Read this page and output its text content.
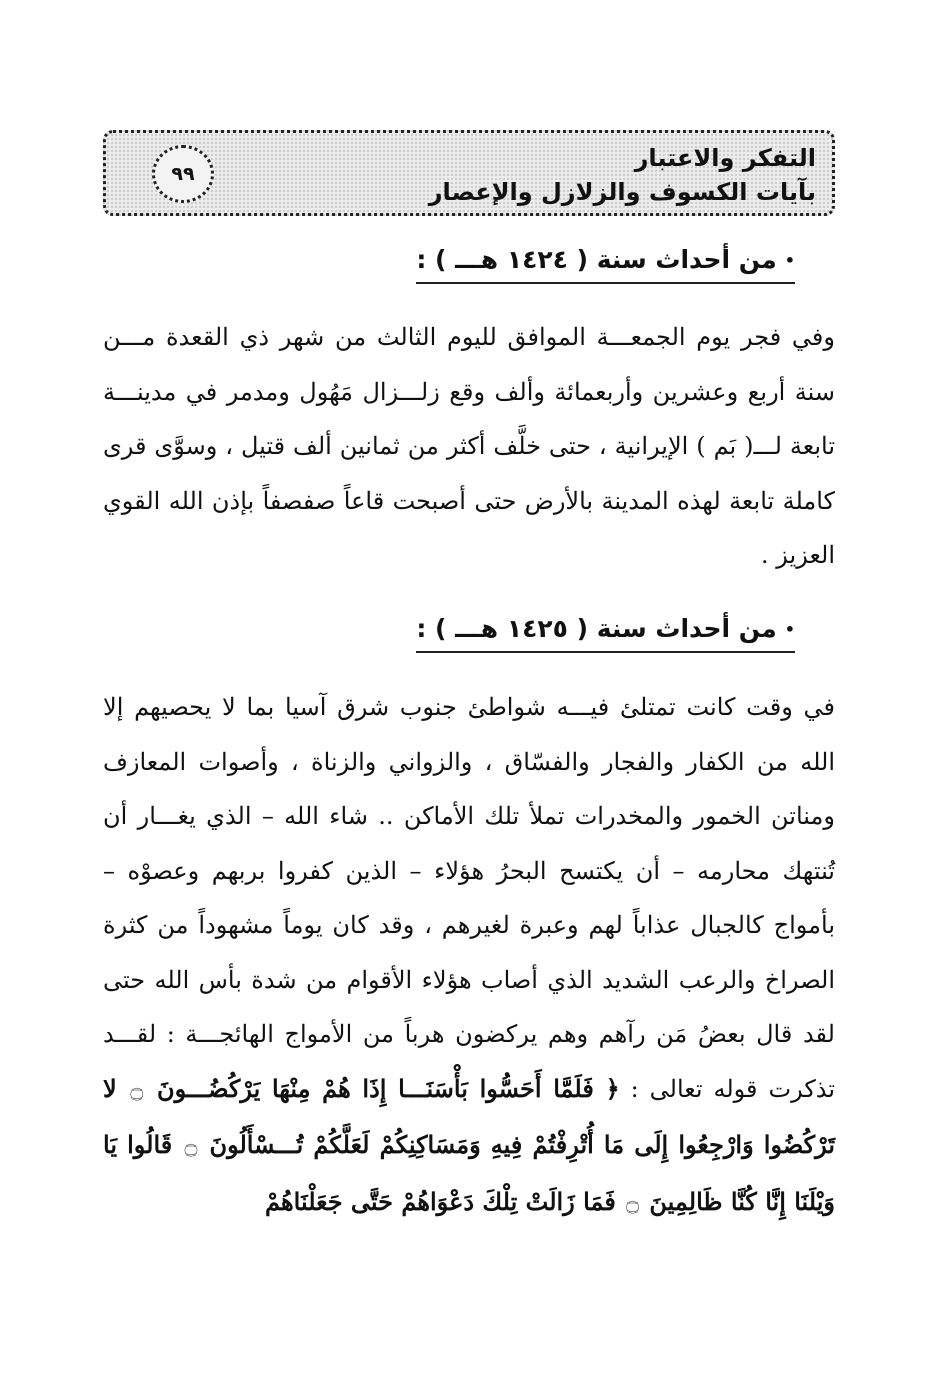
٩٩
التفكر والاعتبار
بآيات الكسوف والزلازل والإعصار
•من أحداث سنة ( ١٤٢٤ هـــ ) :
وفي فجر يوم الجمعـــة الموافق لليوم الثالث من شهر ذي القعدة مـــن سنة أربع وعشرين وأربعمائة وألف وقع زلـــزال مَهُول ومدمر في مدينـــة تابعة لـــ( بَم ) الإيرانية ، حتى خلَّف أكثر من ثمانين ألف قتيل ، وسوَّى قرى كاملة تابعة لهذه المدينة بالأرض حتى أصبحت قاعاً صفصفاً بإذن الله القوي العزيز .
•من أحداث سنة ( ١٤٢٥ هـــ ) :
في وقت كانت تمتلئ فيـــه شواطئ جنوب شرق آسيا بما لا يحصيهم إلا الله من الكفار والفجار والفسّاق ، والزواني والزناة ، وأصوات المعازف ومناتن الخمور والمخدرات تملأ تلك الأماكن .. شاء الله – الذي يغـــار أن تُنتهك محارمه – أن يكتسح البحرُ هؤلاء – الذين كفروا بربهم وعصوْه – بأمواج كالجبال عذاباً لهم وعبرة لغيرهم ، وقد كان يوماً مشهوداً من كثرة الصراخ والرعب الشديد الذي أصاب هؤلاء الأقوام من شدة بأس الله حتى لقد قال بعضُ مَن رآهم وهم يركضون هرباً من الأمواج الهائجـــة : لقـــد تذكرت قوله تعالى : ﴿ فَلَمَّا أَحَسُّوا بَأْسَنَـــا إِذَا هُمْ مِنْهَا يَرْكُضُـــونَ ۝ لا تَرْكُضُوا وَارْجِعُوا إِلَى مَا أُتْرِفْتُمْ فِيهِ وَمَسَاكِنِكُمْ لَعَلَّكُمْ تُـــسْأَلُونَ ۝ قَالُوا يَا وَيْلَنَا إِنَّا كُنَّا ظَالِمِينَ ۝ فَمَا زَالَتْ تِلْكَ دَعْوَاهُمْ حَتَّى جَعَلْنَاهُمْ
